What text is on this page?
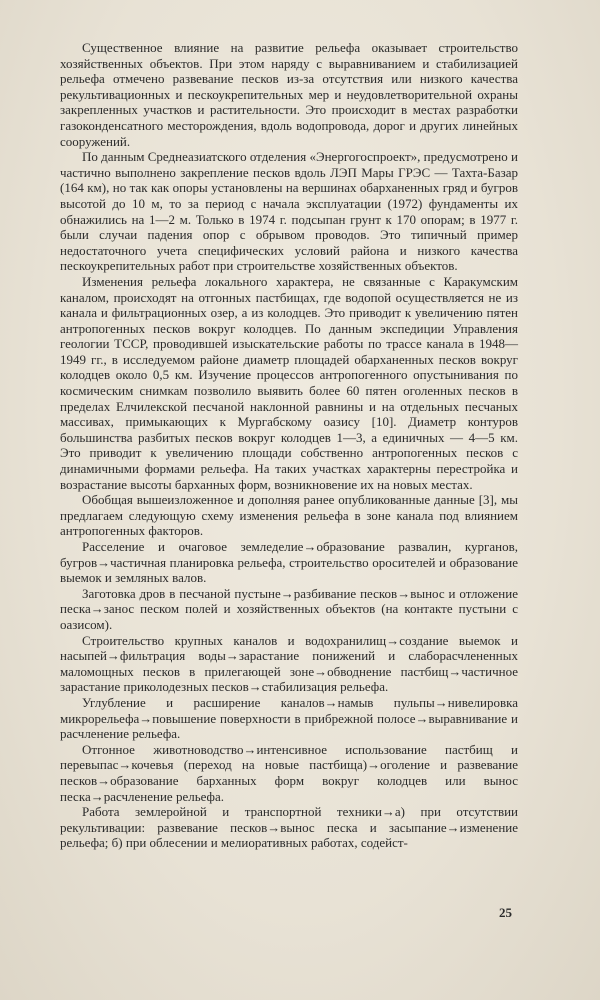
Существенное влияние на развитие рельефа оказывает строительство хозяйственных объектов. При этом наряду с выравниванием и стабилизацией рельефа отмечено развевание песков из-за отсутствия или низкого качества рекультивационных и пескоукрепительных мер и неудовлетворительной охраны закрепленных участков и растительности. Это происходит в местах разработки газоконденсатного месторождения, вдоль водопровода, дорог и других линейных сооружений.

По данным Среднеазиатского отделения «Энергогоспроект», предусмотрено и частично выполнено закрепление песков вдоль ЛЭП Мары ГРЭС — Тахта-Базар (164 км), но так как опоры установлены на вершинах обарханенных гряд и бугров высотой до 10 м, то за период с начала эксплуатации (1972) фундаменты их обнажились на 1—2 м. Только в 1974 г. подсыпан грунт к 170 опорам; в 1977 г. были случаи падения опор с обрывом проводов. Это типичный пример недостаточного учета специфических условий района и низкого качества пескоукрепительных работ при строительстве хозяйственных объектов.

Изменения рельефа локального характера, не связанные с Каракумским каналом, происходят на отгонных пастбищах, где водопой осуществляется не из канала и фильтрационных озер, а из колодцев. Это приводит к увеличению пятен антропогенных песков вокруг колодцев. По данным экспедиции Управления геологии ТССР, проводившей изыскательские работы по трассе канала в 1948—1949 гг., в исследуемом районе диаметр площадей обарханенных песков вокруг колодцев около 0,5 км. Изучение процессов антропогенного опустынивания по космическим снимкам позволило выявить более 60 пятен оголенных песков в пределах Елчилекской песчаной наклонной равнины и на отдельных песчаных массивах, примыкающих к Мургабскому оазису [10]. Диаметр контуров большинства разбитых песков вокруг колодцев 1—3, а единичных — 4—5 км. Это приводит к увеличению площади собственно антропогенных песков с динамичными формами рельефа. На таких участках характерны перестройка и возрастание высоты барханных форм, возникновение их на новых местах.

Обобщая вышеизложенное и дополняя ранее опубликованные данные [3], мы предлагаем следующую схему изменения рельефа в зоне канала под влиянием антропогенных факторов.

Расселение и очаговое земледелие→образование развалин, курганов, бугров→частичная планировка рельефа, строительство оросителей и образование выемок и земляных валов.

Заготовка дров в песчаной пустыне→разбивание песков→вынос и отложение песка→занос песком полей и хозяйственных объектов (на контакте пустыни с оазисом).

Строительство крупных каналов и водохранилищ→создание выемок и насыпей→фильтрация воды→зарастание понижений и слаборасчлененных маломощных песков в прилегающей зоне→обводнение пастбищ→частичное зарастание приколодезных песков→стабилизация рельефа.

Углубление и расширение каналов→намыв пульпы→нивелировка микрорельефа→повышение поверхности в прибрежной полосе→выравнивание и расчленение рельефа.

Отгонное животноводство→интенсивное использование пастбищ и перевыпас→кочевья (переход на новые пастбища)→оголение и развевание песков→образование барханных форм вокруг колодцев или вынос песка→расчленение рельефа.

Работа землеройной и транспортной техники→а) при отсутствии рекультивации: развевание песков→вынос песка и засыпание→изменение рельефа; б) при облесении и мелиоративных работах, содейст-

25
